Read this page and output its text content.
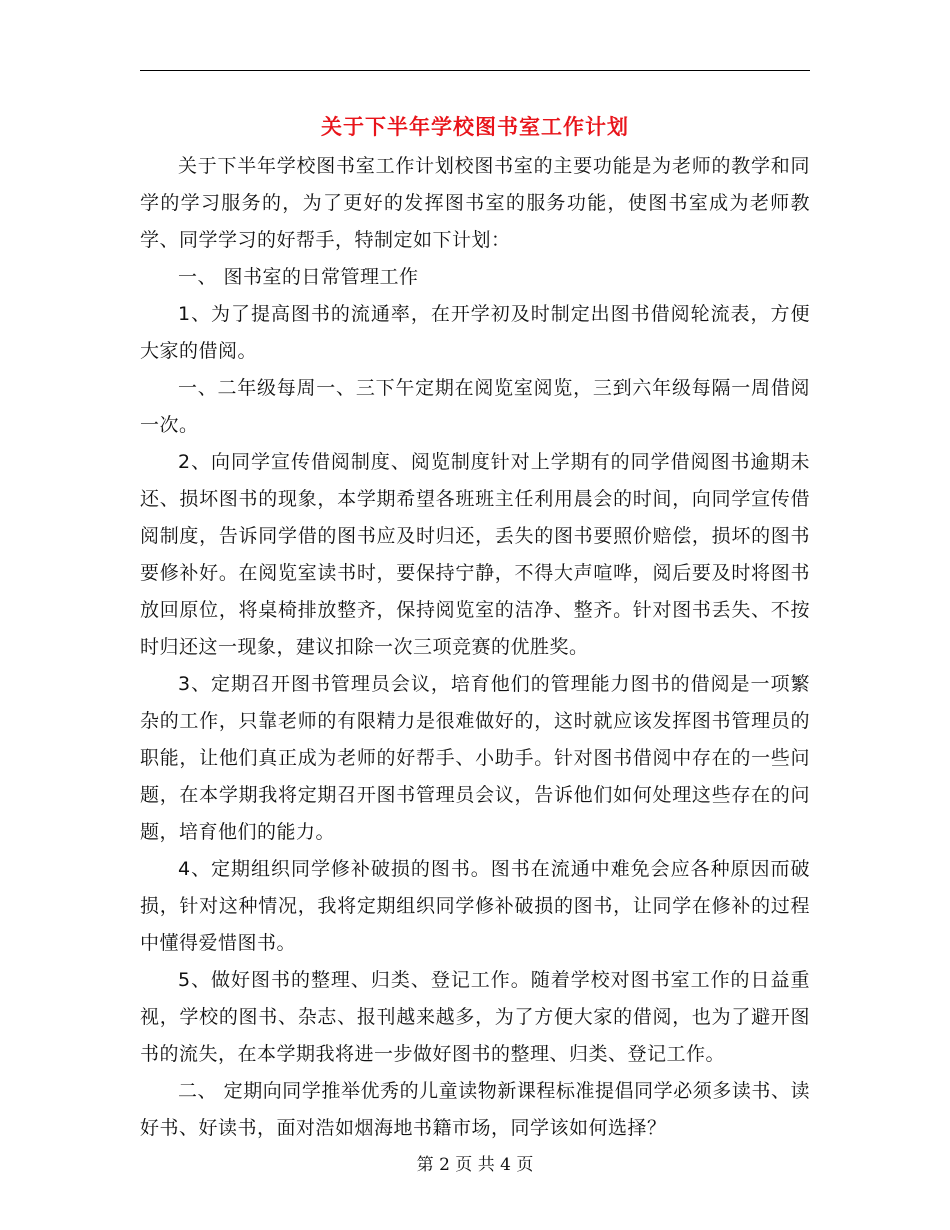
关于下半年学校图书室工作计划

关于下半年学校图书室工作计划校图书室的主要功能是为老师的教学和同学的学习服务的，为了更好的发挥图书室的服务功能，使图书室成为老师教学、同学学习的好帮手，特制定如下计划：

一、 图书室的日常管理工作

1、为了提高图书的流通率，在开学初及时制定出图书借阅轮流表，方便大家的借阅。

一、二年级每周一、三下午定期在阅览室阅览，三到六年级每隔一周借阅一次。

2、向同学宣传借阅制度、阅览制度针对上学期有的同学借阅图书逾期未还、损坏图书的现象，本学期希望各班班主任利用晨会的时间，向同学宣传借阅制度，告诉同学借的图书应及时归还，丢失的图书要照价赔偿，损坏的图书要修补好。在阅览室读书时，要保持宁静，不得大声喧哗，阅后要及时将图书放回原位，将桌椅排放整齐，保持阅览室的洁净、整齐。针对图书丢失、不按时归还这一现象，建议扣除一次三项竞赛的优胜奖。

3、定期召开图书管理员会议，培育他们的管理能力图书的借阅是一项繁杂的工作，只靠老师的有限精力是很难做好的，这时就应该发挥图书管理员的职能，让他们真正成为老师的好帮手、小助手。针对图书借阅中存在的一些问题，在本学期我将定期召开图书管理员会议，告诉他们如何处理这些存在的问题，培育他们的能力。

4、定期组织同学修补破损的图书。图书在流通中难免会应各种原因而破损，针对这种情况，我将定期组织同学修补破损的图书，让同学在修补的过程中懂得爱惜图书。

5、做好图书的整理、归类、登记工作。随着学校对图书室工作的日益重视，学校的图书、杂志、报刊越来越多，为了方便大家的借阅，也为了避开图书的流失，在本学期我将进一步做好图书的整理、归类、登记工作。

二、 定期向同学推举优秀的儿童读物新课程标准提倡同学必须多读书、读好书、好读书，面对浩如烟海地书籍市场，同学该如何选择？

第 2 页 共 4 页
